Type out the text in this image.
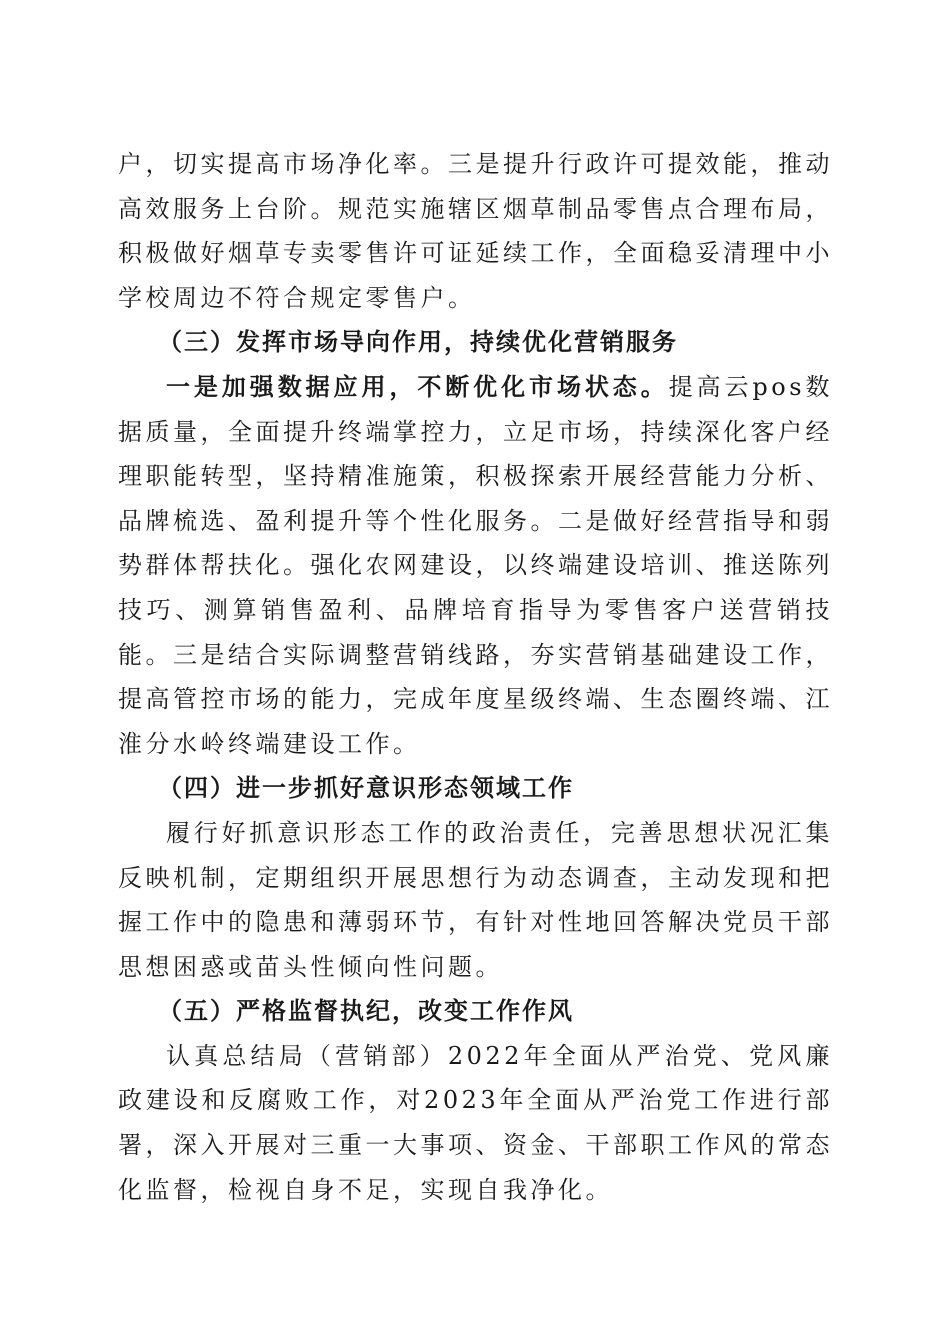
户，切实提高市场净化率。三是提升行政许可提效能，推动高效服务上台阶。规范实施辖区烟草制品零售点合理布局，积极做好烟草专卖零售许可证延续工作，全面稳妥清理中小学校周边不符合规定零售户。

（三）发挥市场导向作用，持续优化营销服务

一是加强数据应用，不断优化市场状态。提高云pos数据质量，全面提升终端掌控力，立足市场，持续深化客户经理职能转型，坚持精准施策，积极探索开展经营能力分析、品牌梳选、盈利提升等个性化服务。二是做好经营指导和弱势群体帮扶化。强化农网建设，以终端建设培训、推送陈列技巧、测算销售盈利、品牌培育指导为零售客户送营销技能。三是结合实际调整营销线路，夯实营销基础建设工作，提高管控市场的能力，完成年度星级终端、生态圈终端、江淮分水岭终端建设工作。

（四）进一步抓好意识形态领域工作

履行好抓意识形态工作的政治责任，完善思想状况汇集反映机制，定期组织开展思想行为动态调查，主动发现和把握工作中的隐患和薄弱环节，有针对性地回答解决党员干部思想困惑或苗头性倾向性问题。

（五）严格监督执纪，改变工作作风

认真总结局（营销部）2022年全面从严治党、党风廉政建设和反腐败工作，对2023年全面从严治党工作进行部署，深入开展对三重一大事项、资金、干部职工作风的常态化监督，检视自身不足，实现自我净化。
